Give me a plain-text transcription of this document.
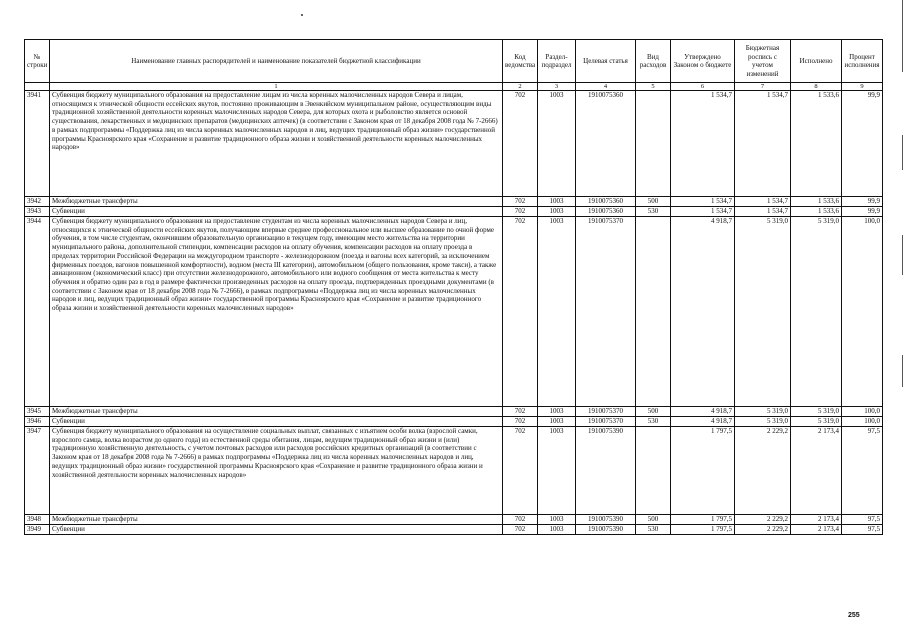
№ строки	Наименование главных распорядителей и наименование показателей бюджетной классификации	Код ведомства	Раздел-подраздел	Целевая статья	Вид расходов	Утверждено Законом о бюджете	Бюджетная роспись с учетом изменений	Исполнено	Процент исполнения
	1	2	3	4	5	6	7	8	9
3941	Субвенция бюджету муниципального образования на предоставление лицам из числа коренных малочисленных народов Севера и лицам, относящимся к этнической общности ессейских якутов, постоянно проживающим в Эвенкийском муниципальном районе, осуществляющим виды традиционной хозяйственной деятельности коренных малочисленных народов Севера, для которых охота и рыболовство является основой существования, лекарственных и медицинских препаратов (медицинских аптечек) (в соответствии с Законом края от 18 декабря 2008 года № 7-2666) в рамках подпрограммы «Поддержка лиц из числа коренных малочисленных народов и лиц, ведущих традиционный образ жизни» государственной программы Красноярского края «Сохранение и развитие традиционного образа жизни и хозяйственной деятельности коренных малочисленных народов»	702	1003	1910075360		1 534,7	1 534,7	1 533,6	99,9
3942	Межбюджетные трансферты	702	1003	1910075360	500	1 534,7	1 534,7	1 533,6	99,9
3943	Субвенции	702	1003	1910075360	530	1 534,7	1 534,7	1 533,6	99,9
3944	Субвенция бюджету муниципального образования на предоставление студентам из числа коренных малочисленных народов Севера и лиц, относящихся к этнической общности ессейских якутов, получающим впервые среднее профессиональное или высшее образование по очной форме обучения, в том числе студентам, окончившим образовательную организацию в текущем году, имеющим место жительства на территории муниципального района, дополнительной стипендии, компенсации расходов на оплату обучения, компенсации расходов на оплату проезда в пределах территории Российской Федерации на междугородном транспорте - железнодорожном (поезда и вагоны всех категорий, за исключением фирменных поездов, вагонов повышенной комфортности), водном (места III категории), автомобильном (общего пользования, кроме такси), а также авиационном (экономический класс) при отсутствии железнодорожного, автомобильного или водного сообщения от места жительства к месту обучения и обратно один раз в год в размере фактически произведенных расходов на оплату проезда, подтвержденных проездными документами (в соответствии с Законом края от 18 декабря 2008 года № 7-2666), в рамках подпрограммы «Поддержка лиц из числа коренных малочисленных народов и лиц, ведущих традиционный образ жизни» государственной программы Красноярского края «Сохранение и развитие традиционного образа жизни и хозяйственной деятельности коренных малочисленных народов»	702	1003	1910075370		4 918,7	5 319,0	5 319,0	100,0
3945	Межбюджетные трансферты	702	1003	1910075370	500	4 918,7	5 319,0	5 319,0	100,0
3946	Субвенции	702	1003	1910075370	530	4 918,7	5 319,0	5 319,0	100,0
3947	Субвенция бюджету муниципального образования на осуществление социальных выплат, связанных с изъятием особи волка (взрослой самки, взрослого самца, волка возрастом до одного года) из естественной среды обитания, лицам, ведущим традиционный образ жизни и (или) традиционную хозяйственную деятельность, с учетом почтовых расходов или расходов российских кредитных организаций (в соответствии с Законом края от 18 декабря 2008 года № 7-2666) в рамках подпрограммы «Поддержка лиц из числа коренных малочисленных народов и лиц, ведущих традиционный образ жизни» государственной программы Красноярского края «Сохранение и развитие традиционного образа жизни и хозяйственной деятельности коренных малочисленных народов»	702	1003	1910075390		1 797,5	2 229,2	2 173,4	97,5
3948	Межбюджетные трансферты	702	1003	1910075390	500	1 797,5	2 229,2	2 173,4	97,5
3949	Субвенции	702	1003	1910075390	530	1 797,5	2 229,2	2 173,4	97,5
255
